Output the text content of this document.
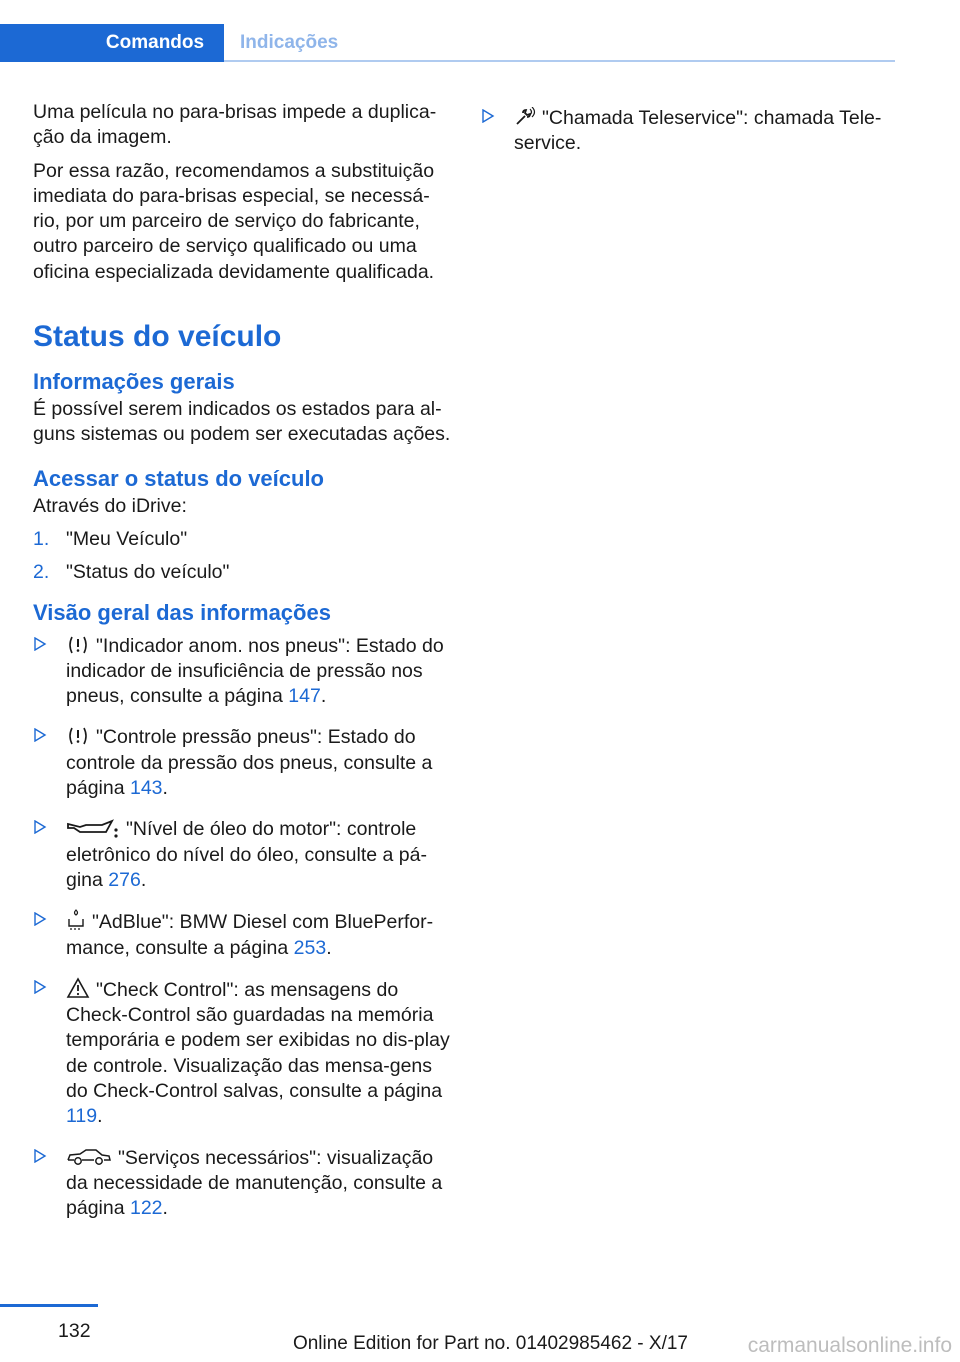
Comandos	Indicações

Uma película no para-brisas impede a duplica-ção da imagem.

Por essa razão, recomendamos a substituição imediata do para-brisas especial, se necessá-rio, por um parceiro de serviço do fabricante, outro parceiro de serviço qualificado ou uma oficina especializada devidamente qualificada.

Status do veículo
Informações gerais

É possível serem indicados os estados para al-guns sistemas ou podem ser executadas ações.

Acessar o status do veículo

Através do iDrive:

1. "Meu Veículo"
2. "Status do veículo"
Visão geral das informações
"Indicador anom. nos pneus": Estado do indicador de insuficiência de pressão nos pneus, consulte a página 147.
"Controle pressão pneus": Estado do controle da pressão dos pneus, consulte a página 143.
"Nível de óleo do motor": controle eletrônico do nível do óleo, consulte a pá-gina 276.
"AdBlue": BMW Diesel com BluePerfor-mance, consulte a página 253.
"Check Control": as mensagens do Check-Control são guardadas na memória temporária e podem ser exibidas no dis-play de controle. Visualização das mensa-gens do Check-Control salvas, consulte a página 119.
"Serviços necessários": visualização da necessidade de manutenção, consulte a página 122.
"Chamada Teleservice": chamada Tele-service.
132
Online Edition for Part no. 01402985462 - X/17	carmanualsonline.info
